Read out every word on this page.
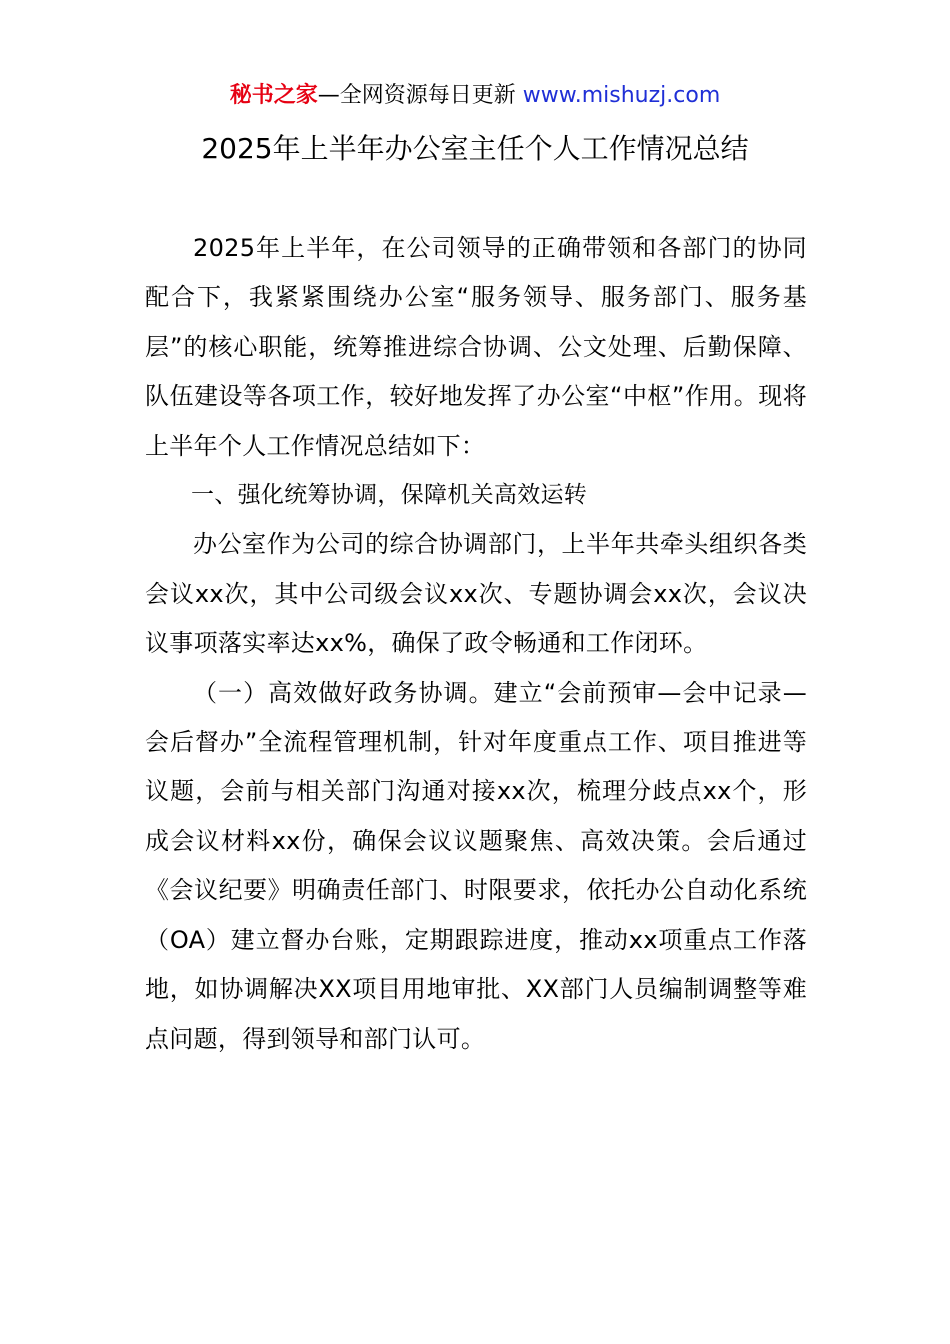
秘书之家—全网资源每日更新 www.mishuzj.com
2025年上半年办公室主任个人工作情况总结

2025年上半年，在公司领导的正确带领和各部门的协同配合下，我紧紧围绕办公室“服务领导、服务部门、服务基层”的核心职能，统筹推进综合协调、公文处理、后勤保障、队伍建设等各项工作，较好地发挥了办公室“中枢”作用。现将上半年个人工作情况总结如下：

一、强化统筹协调，保障机关高效运转

办公室作为公司的综合协调部门，上半年共牵头组织各类会议xx次，其中公司级会议xx次、专题协调会xx次，会议决议事项落实率达xx%，确保了政令畅通和工作闭环。

（一）高效做好政务协调。建立“会前预审—会中记录—会后督办”全流程管理机制，针对年度重点工作、项目推进等议题，会前与相关部门沟通对接xx次，梳理分歧点xx个，形成会议材料xx份，确保会议议题聚焦、高效决策。会后通过《会议纪要》明确责任部门、时限要求，依托办公自动化系统（OA）建立督办台账，定期跟踪进度，推动xx项重点工作落地，如协调解决XX项目用地审批、XX部门人员编制调整等难点问题，得到领导和部门认可。
